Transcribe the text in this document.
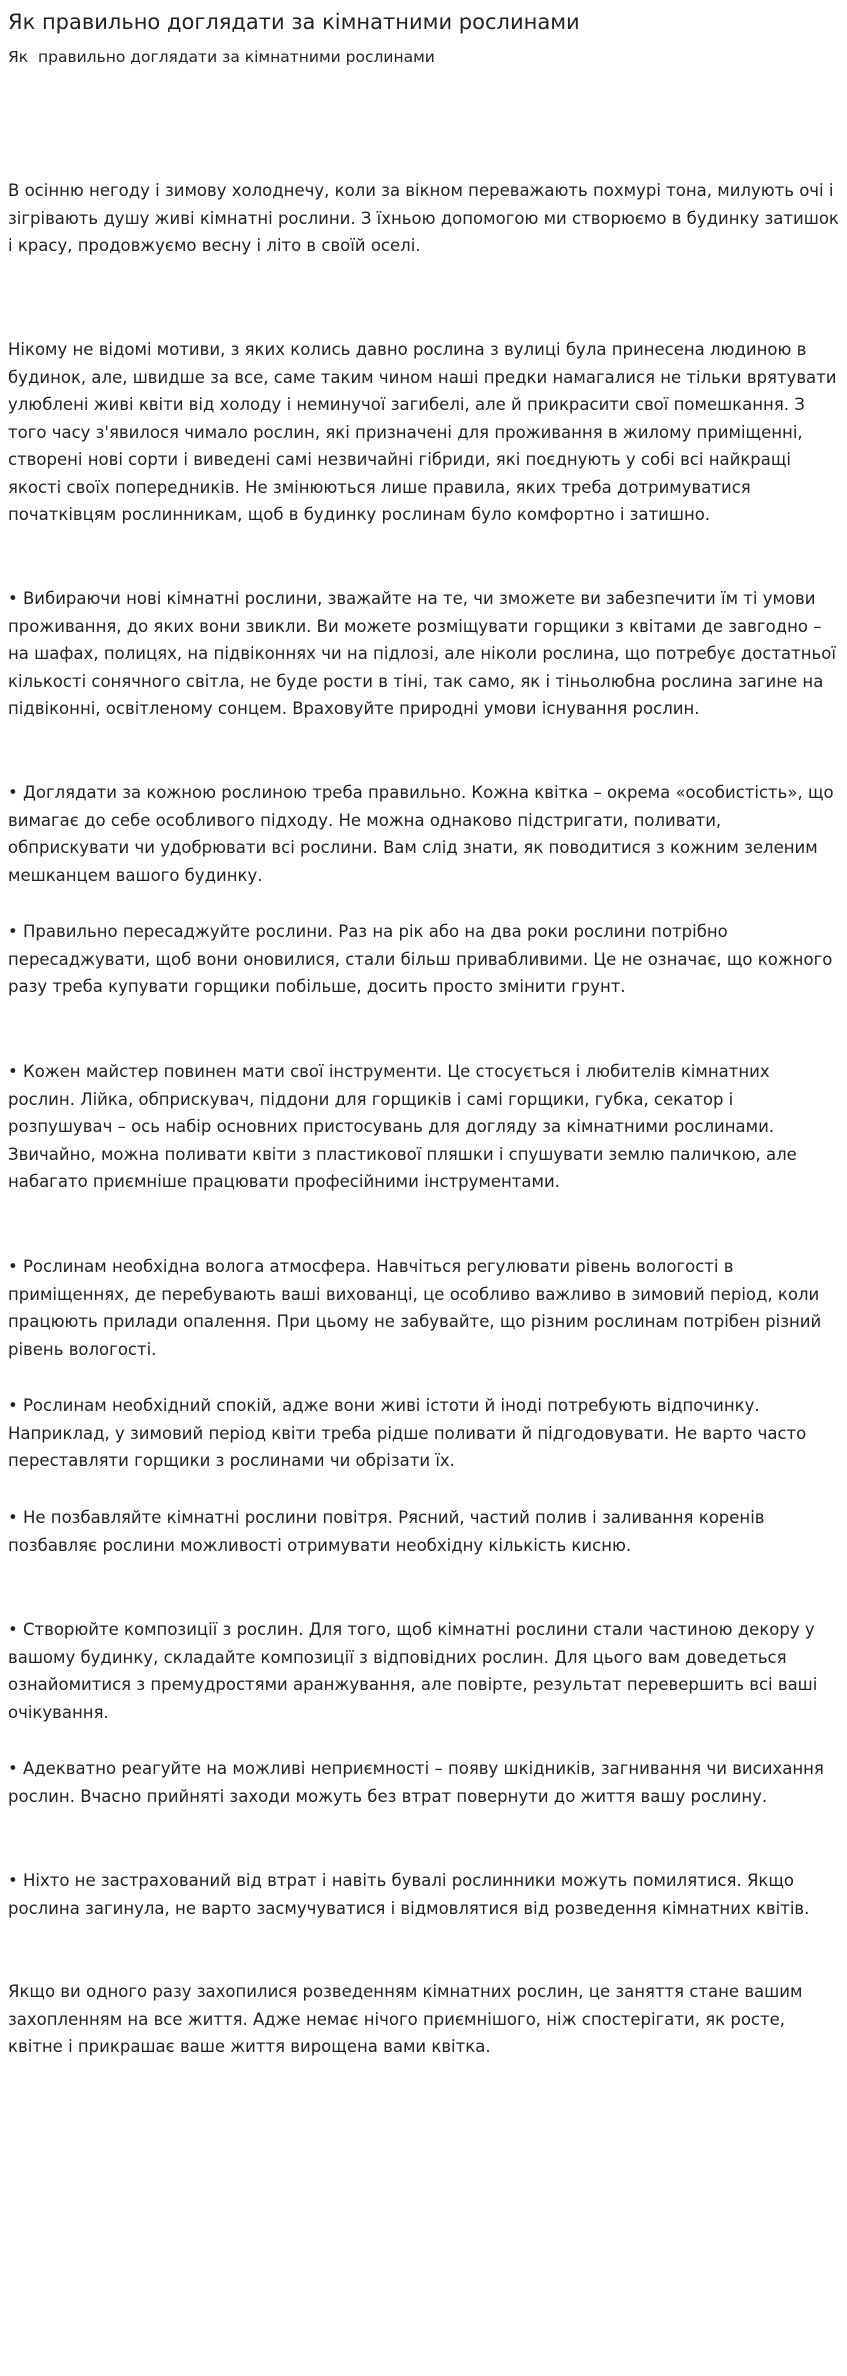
Як правильно доглядати за кімнатними рослинами
Як  правильно доглядати за кімнатними рослинами

В осінню негоду і зимову холоднечу, коли за вікном переважають похмурі тона, милують очі і зігрівають душу живі кімнатні рослини. З їхньою допомогою ми створюємо в будинку затишок і красу, продовжуємо весну і літо в своїй оселі.

Нікому не відомі мотиви, з яких колись давно рослина з вулиці була принесена людиною в будинок, але, швидше за все, саме таким чином наші предки намагалися не тільки врятувати улюблені живі квіти від холоду і неминучої загибелі, але й прикрасити свої помешкання. З того часу з'явилося чимало рослин, які призначені для проживання в жилому приміщенні, створені нові сорти і виведені самі незвичайні гібриди, які поєднують у собі всі найкращі якості своїх попередників. Не змінюються лише правила, яких треба дотримуватися початківцям рослинникам, щоб в будинку рослинам було комфортно і затишно.

• Вибираючи нові кімнатні рослини, зважайте на те, чи зможете ви забезпечити їм ті умови проживання, до яких вони звикли. Ви можете розміщувати горщики з квітами де завгодно – на шафах, полицях, на підвіконнях чи на підлозі, але ніколи рослина, що потребує достатньої кількості сонячного світла, не буде рости в тіні, так само, як і тіньолюбна рослина загине на підвіконні, освітленому сонцем. Враховуйте природні умови існування рослин.

• Доглядати за кожною рослиною треба правильно. Кожна квітка – окрема «особистість», що вимагає до себе особливого підходу. Не можна однаково підстригати, поливати, обприскувати чи удобрювати всі рослини. Вам слід знати, як поводитися з кожним зеленим мешканцем вашого будинку.

• Правильно пересаджуйте рослини. Раз на рік або на два роки рослини потрібно пересаджувати, щоб вони оновилися, стали більш привабливими. Це не означає, що кожного разу треба купувати горщики побільше, досить просто змінити грунт.

• Кожен майстер повинен мати свої інструменти. Це стосується і любителів кімнатних рослин. Лійка, обприскувач, піддони для горщиків і самі горщики, губка, секатор і розпушувач – ось набір основних пристосувань для догляду за кімнатними рослинами. Звичайно, можна поливати квіти з пластикової пляшки і спушувати землю паличкою, але набагато приємніше працювати професійними інструментами.

• Рослинам необхідна волога атмосфера. Навчіться регулювати рівень вологості в приміщеннях, де перебувають ваші вихованці, це особливо важливо в зимовий період, коли працюють прилади опалення. При цьому не забувайте, що різним рослинам потрібен різний рівень вологості.

• Рослинам необхідний спокій, адже вони живі істоти й іноді потребують відпочинку. Наприклад, у зимовий період квіти треба рідше поливати й підгодовувати. Не варто часто переставляти горщики з рослинами чи обрізати їх.

• Не позбавляйте кімнатні рослини повітря. Рясний, частий полив і заливання коренів позбавляє рослини можливості отримувати необхідну кількість кисню.

• Створюйте композиції з рослин. Для того, щоб кімнатні рослини стали частиною декору у вашому будинку, складайте композиції з відповідних рослин. Для цього вам доведеться ознайомитися з премудростями аранжування, але повірте, результат перевершить всі ваші очікування.

• Адекватно реагуйте на можливі неприємності – появу шкідників, загнивання чи висихання рослин. Вчасно прийняті заходи можуть без втрат повернути до життя вашу рослину.

• Ніхто не застрахований від втрат і навіть бувалі рослинники можуть помилятися. Якщо рослина загинула, не варто засмучуватися і відмовлятися від розведення кімнатних квітів.

Якщо ви одного разу захопилися розведенням кімнатних рослин, це заняття стане вашим захопленням на все життя. Адже немає нічого приємнішого, ніж спостерігати, як росте, квітне і прикрашає ваше життя вирощена вами квітка.
